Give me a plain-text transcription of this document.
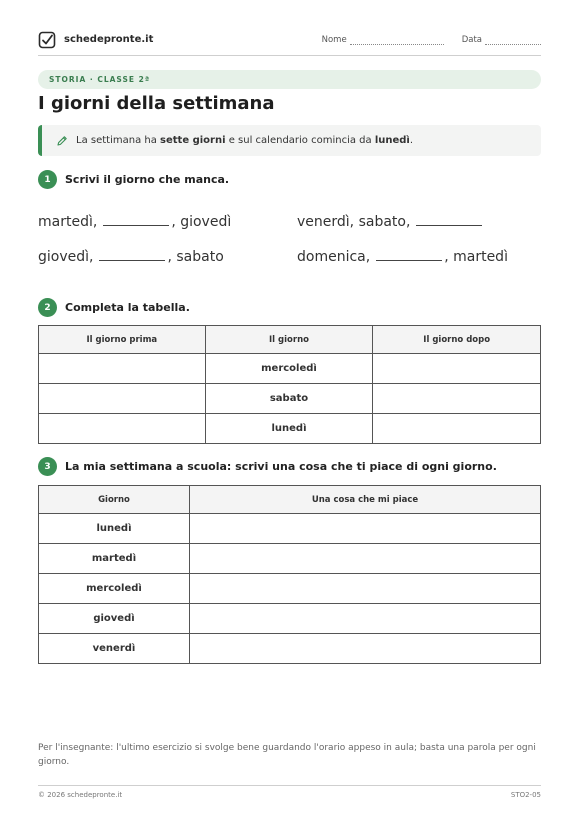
schedepronte.it	Nome	Data
STORIA · CLASSE 2ª
I giorni della settimana
La settimana ha sette giorni e sul calendario comincia da lunedì.
1	Scrivi il giorno che manca.
martedì,	, giovedì	venerdì, sabato,
giovedì,	, sabato	domenica,	, martedì
2	Completa la tabella.
Il giorno prima	Il giorno	Il giorno dopo
	mercoledì	
	sabato	
	lunedì	
3	La mia settimana a scuola: scrivi una cosa che ti piace di ogni giorno.
Giorno	Una cosa che mi piace
lunedì	
martedì	
mercoledì	
giovedì	
venerdì	
Per l'insegnante: l'ultimo esercizio si svolge bene guardando l'orario appeso in aula; basta una parola per ogni giorno.
© 2026 schedepronte.it	STO2-05
